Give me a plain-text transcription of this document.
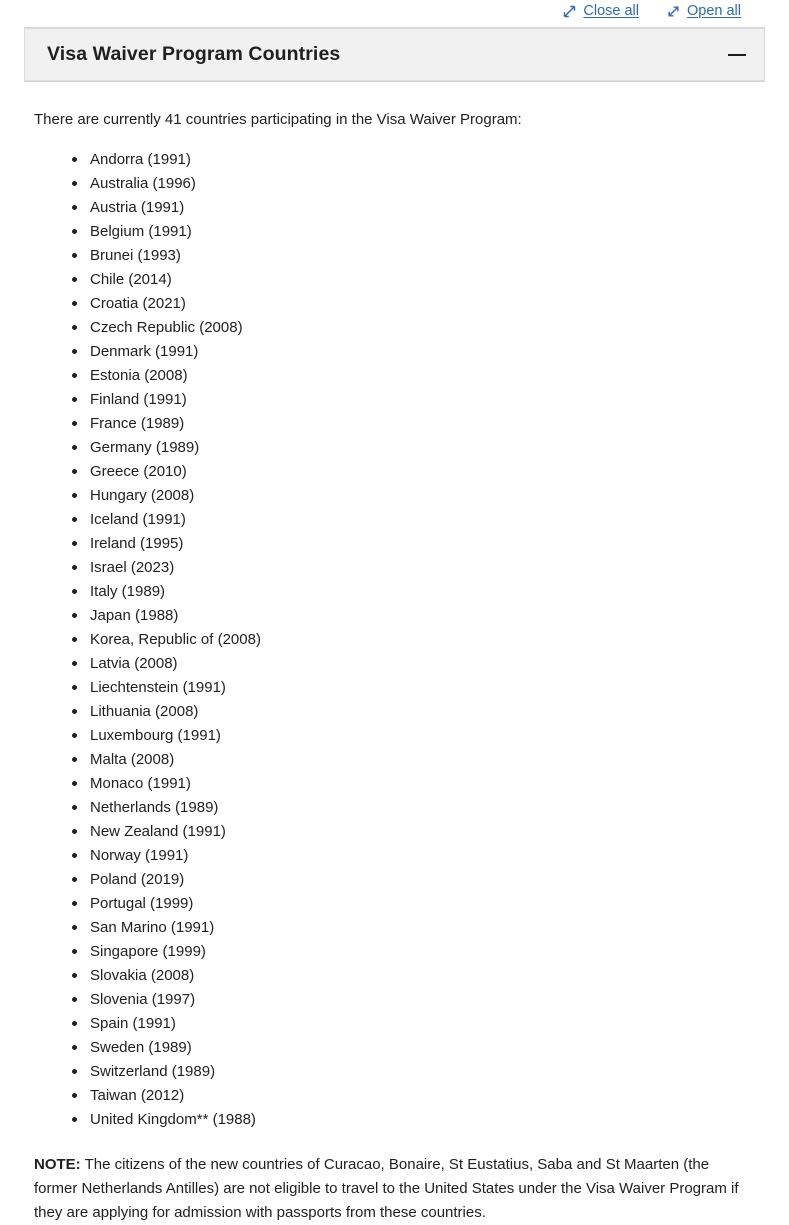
Close all	Open all
Visa Waiver Program Countries

There are currently 41 countries participating in the Visa Waiver Program:

Andorra (1991)
Australia (1996)
Austria (1991)
Belgium (1991)
Brunei (1993)
Chile (2014)
Croatia (2021)
Czech Republic (2008)
Denmark (1991)
Estonia (2008)
Finland (1991)
France (1989)
Germany (1989)
Greece (2010)
Hungary (2008)
Iceland (1991)
Ireland (1995)
Israel (2023)
Italy (1989)
Japan (1988)
Korea, Republic of (2008)
Latvia (2008)
Liechtenstein (1991)
Lithuania (2008)
Luxembourg (1991)
Malta (2008)
Monaco (1991)
Netherlands (1989)
New Zealand (1991)
Norway (1991)
Poland (2019)
Portugal (1999)
San Marino (1991)
Singapore (1999)
Slovakia (2008)
Slovenia (1997)
Spain (1991)
Sweden (1989)
Switzerland (1989)
Taiwan (2012)
United Kingdom** (1988)

NOTE: The citizens of the new countries of Curacao, Bonaire, St Eustatius, Saba and St Maarten (the former Netherlands Antilles) are not eligible to travel to the United States under the Visa Waiver Program if they are applying for admission with passports from these countries.
